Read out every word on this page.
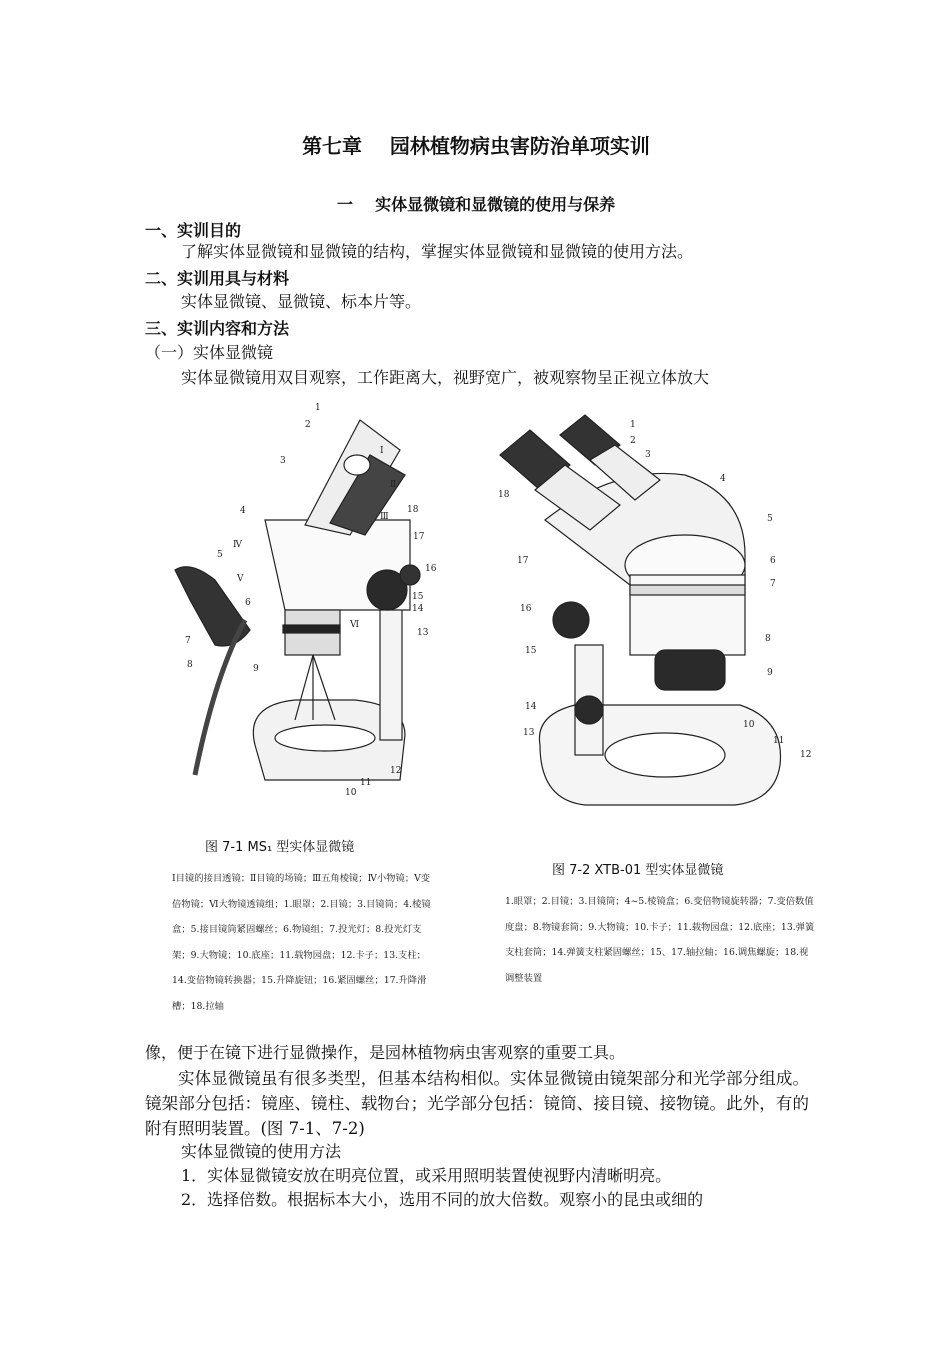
第七章    园林植物病虫害防治单项实训
一    实体显微镜和显微镜的使用与保养
一、实训目的
了解实体显微镜和显微镜的结构，掌握实体显微镜和显微镜的使用方法。
二、实训用具与材料
实体显微镜、显微镜、标本片等。
三、实训内容和方法
（一）实体显微镜
实体显微镜用双目观察，工作距离大，视野宽广，被观察物呈正视立体放大
1
2
3
4
5
6
7
8	9
10
11
12
13
14
15
16
17
18
Ⅰ
Ⅱ
Ⅲ
Ⅳ
Ⅴ
Ⅵ
1
2
3
4
5
6
7
8
9
10
11
12
13
14
15
16
17
18
图 7-1 MS₁ 型实体显微镜
图 7-2 XTB-01 型实体显微镜
Ⅰ目镜的接目透镜；Ⅱ目镜的场镜；Ⅲ五角棱镜；Ⅳ小物镜；Ⅴ变倍物镜；Ⅵ大物镜透镜组；1.眼罩；2.目镜；3.目镜筒；4.棱镜盒；5.接目镜筒紧固螺丝；6.物镜组；7.投光灯；8.投光灯支架；9.大物镜；10.底座；11.载物园盘；12.卡子；13.支柱；14.变倍物镜转换器；15.升降旋钮；16.紧固螺丝；17.升降滑槽；18.拉轴
1.眼罩；2.目镜；3.目镜筒；4~5.棱镜盒；6.变倍物镜旋转器；7.变倍数值度盘；8.物镜套筒；9.大物镜；10.卡子；11.载物园盘；12.底座；13.弹簧支柱套筒；14.弹簧支柱紧固螺丝；15、17.轴拉轴；16.调焦螺旋；18.视调整装置
像，便于在镜下进行显微操作，是园林植物病虫害观察的重要工具。
实体显微镜虽有很多类型，但基本结构相似。实体显微镜由镜架部分和光学部分组成。镜架部分包括：镜座、镜柱、载物台；光学部分包括：镜筒、接目镜、接物镜。此外，有的附有照明装置。(图 7-1、7-2)
实体显微镜的使用方法
1．实体显微镜安放在明亮位置，或采用照明装置使视野内清晰明亮。
2．选择倍数。根据标本大小，选用不同的放大倍数。观察小的昆虫或细的
